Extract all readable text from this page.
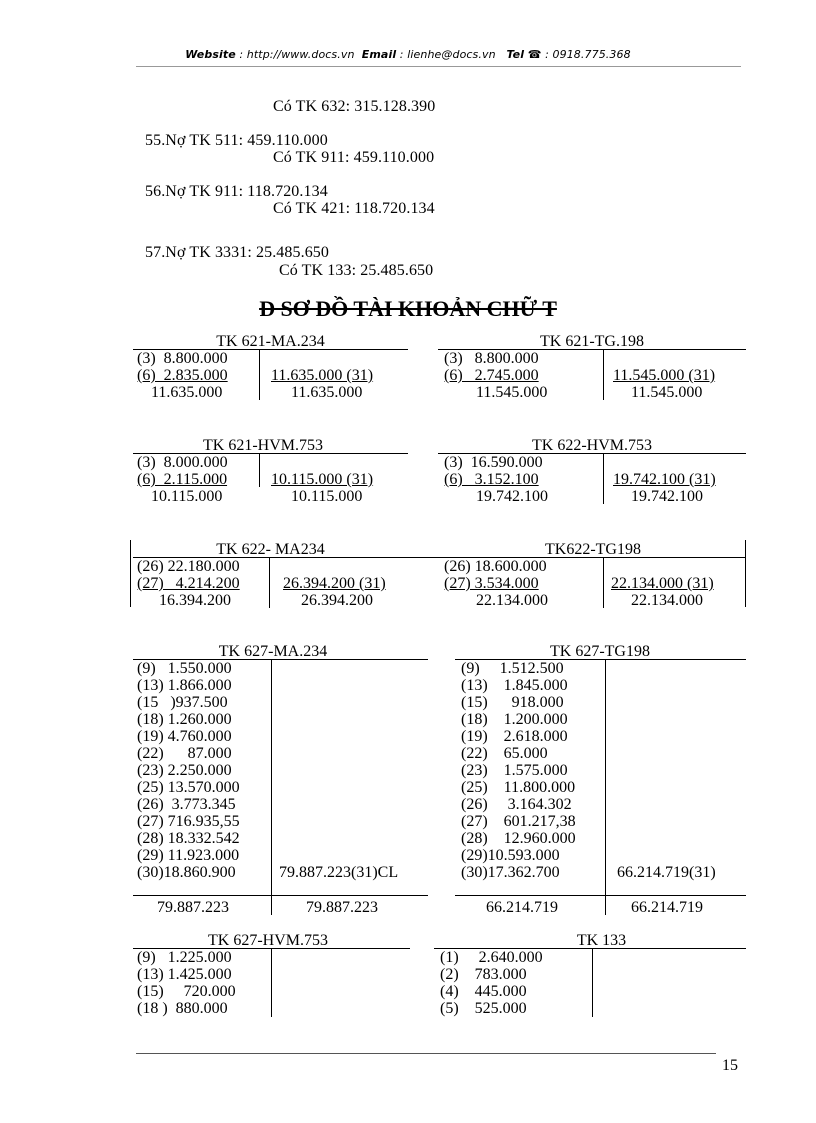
Website : http://www.docs.vn Email : lienhe@docs.vn Tel ☎ : 0918.775.368
Có TK 632: 315.128.390
55.Nợ TK 511: 459.110.000
Có TK 911: 459.110.000
56.Nợ TK 911: 118.720.134
Có TK 421: 118.720.134
57.Nợ TK 3331: 25.485.650
Có TK 133: 25.485.650
Đ SƠ ĐỒ TÀI KHOẢN CHỮ T
TK 621-MA.234
(3)  8.800.000
(6)  2.835.000	11.635.000 (31)
11.635.000	11.635.000
TK 621-TG.198
(3)   8.800.000
(6)   2.745.000	11.545.000 (31)
11.545.000	11.545.000
TK 621-HVM.753
(3)  8.000.000
(6)  2.115.000	10.115.000 (31)
10.115.000	10.115.000
TK 622-HVM.753
(3)  16.590.000
(6)   3.152.100	19.742.100 (31)
19.742.100	19.742.100
TK 622- MA234
(26) 22.180.000
(27)   4.214.200	26.394.200 (31)
16.394.200	26.394.200
TK622-TG198
(26) 18.600.000
(27) 3.534.000	22.134.000 (31)
22.134.000	22.134.000
TK 627-MA.234
(9)   1.550.000
(13) 1.866.000
(15   )937.500
(18) 1.260.000
(19) 4.760.000
(22)      87.000
(23) 2.250.000
(25) 13.570.000
(26)  3.773.345
(27) 716.935,55
(28) 18.332.542
(29) 11.923.000
(30)18.860.900	79.887.223(31)CL
79.887.223	79.887.223
TK 627-TG198
(9)     1.512.500
(13)    1.845.000
(15)      918.000
(18)    1.200.000
(19)    2.618.000
(22)    65.000
(23)    1.575.000
(25)    11.800.000
(26)     3.164.302
(27)    601.217,38
(28)    12.960.000
(29)10.593.000
(30)17.362.700	66.214.719(31)
66.214.719	66.214.719
TK 627-HVM.753
(9)   1.225.000
(13) 1.425.000
(15)     720.000
(18 )  880.000
TK 133
(1)     2.640.000
(2)    783.000
(4)    445.000
(5)    525.000
15
